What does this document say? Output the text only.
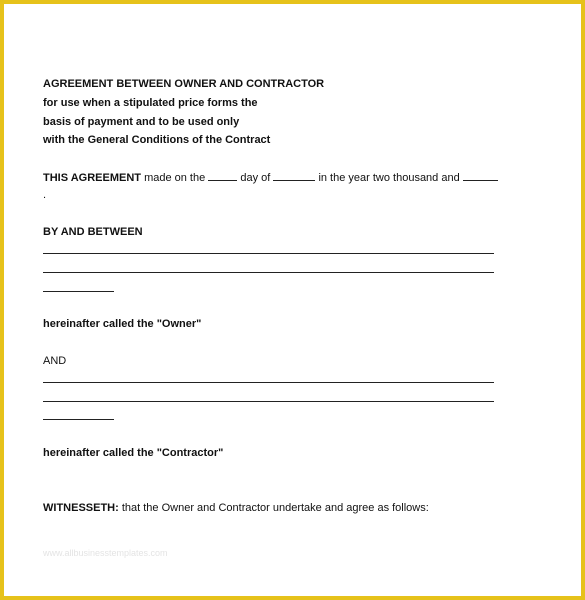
AGREEMENT BETWEEN OWNER AND CONTRACTOR
for use when a stipulated price forms the
basis of payment and to be used only
with the General Conditions of the Contract
THIS AGREEMENT made on the	day of	in the year two thousand and
.
BY AND BETWEEN
hereinafter called the "Owner"
AND
hereinafter called the "Contractor"
WITNESSETH: that the Owner and Contractor undertake and agree as follows:
www.allbusinesstemplates.com
